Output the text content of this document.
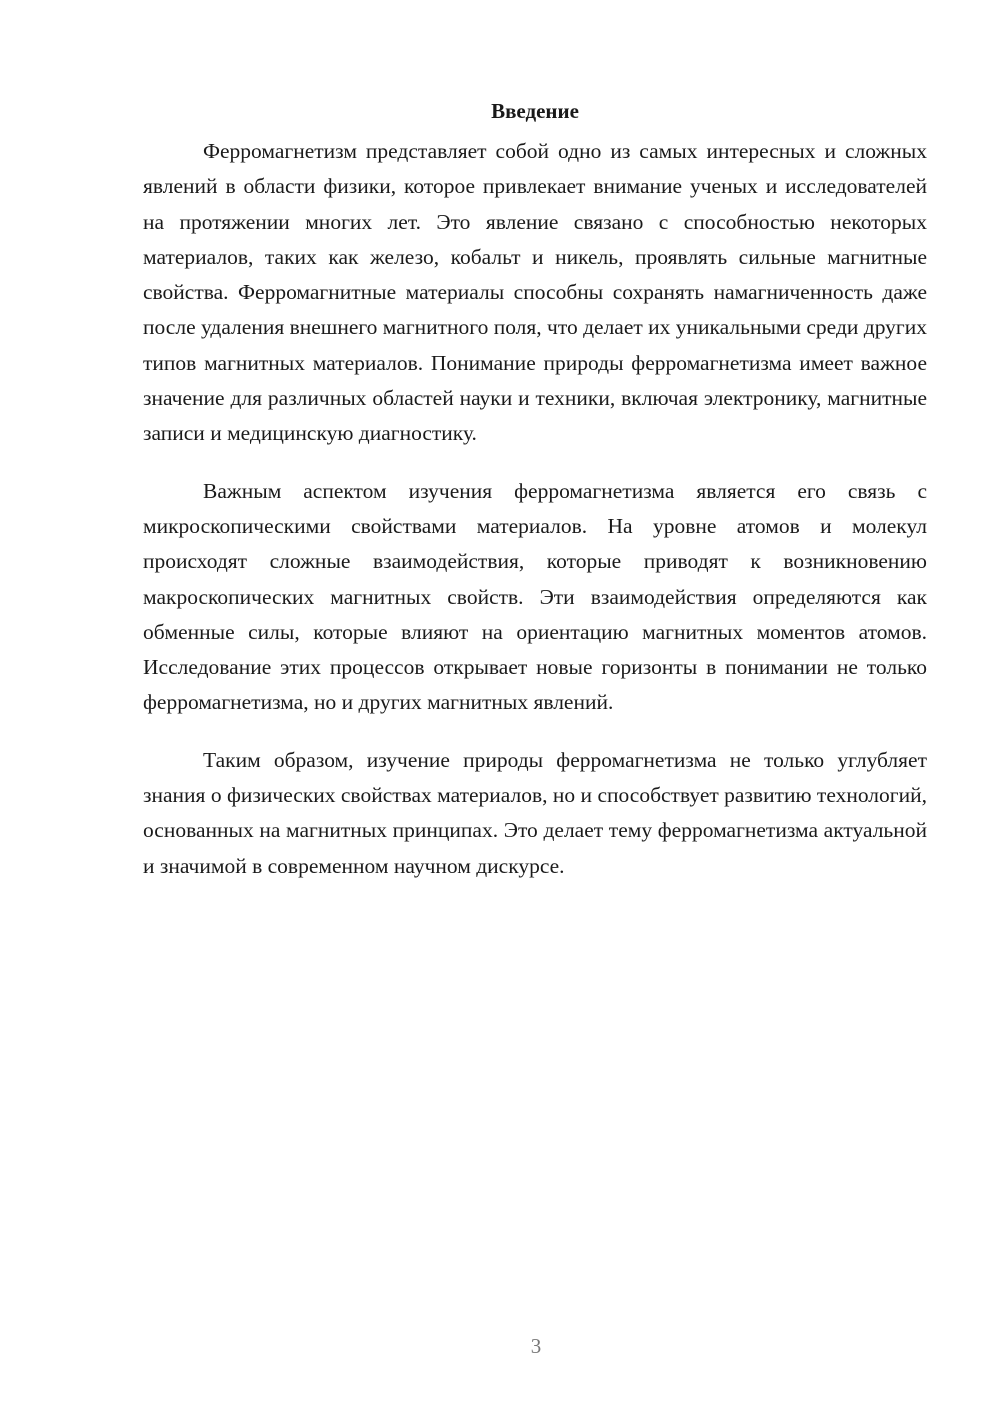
Введение

Ферромагнетизм представляет собой одно из самых интересных и сложных явлений в области физики, которое привлекает внимание ученых и исследователей на протяжении многих лет. Это явление связано с способностью некоторых материалов, таких как железо, кобальт и никель, проявлять сильные магнитные свойства. Ферромагнитные материалы способны сохранять намагниченность даже после удаления внешнего магнитного поля, что делает их уникальными среди других типов магнитных материалов. Понимание природы ферромагнетизма имеет важное значение для различных областей науки и техники, включая электронику, магнитные записи и медицинскую диагностику.

Важным аспектом изучения ферромагнетизма является его связь с микроскопическими свойствами материалов. На уровне атомов и молекул происходят сложные взаимодействия, которые приводят к возникновению макроскопических магнитных свойств. Эти взаимодействия определяются как обменные силы, которые влияют на ориентацию магнитных моментов атомов. Исследование этих процессов открывает новые горизонты в понимании не только ферромагнетизма, но и других магнитных явлений.

Таким образом, изучение природы ферромагнетизма не только углубляет знания о физических свойствах материалов, но и способствует развитию технологий, основанных на магнитных принципах. Это делает тему ферромагнетизма актуальной и значимой в современном научном дискурсе.

3
